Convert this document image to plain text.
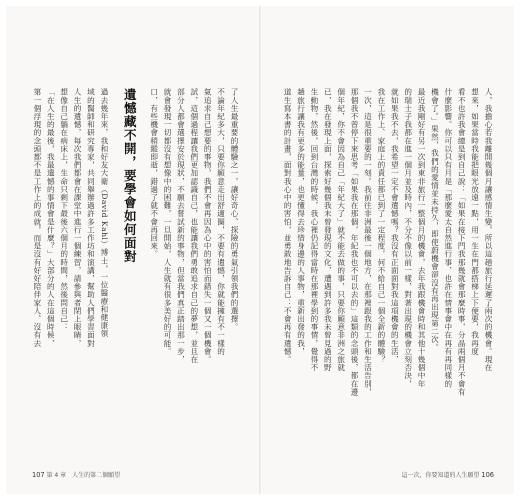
了人生最重要的體驗之一，讓好奇心、探險的勇氣引領我們的選擇。
不論年紀多大，只要你願意走出舒適圈，不要有遺憾，你就能擁有不一樣的
氣追求自己想要的事物，我們不會再因為心中的害怕而錯失一個又一個機會。
試，這個過程讓我們更加認識自己，也能讓我們勇敢追求自己的夢想，並且在
部分人都會選擇安於現狀，不願去嘗試新的事物，但當我們真正踏出那一步，
就會發現一切都沒有想像中的困難，一旦開始，人生就有很多美好的可能。
口，有些機會稍縱即逝，錯過了就不會再回來。
遺憾藏不開，要學會如何面對
過去幾年來，我和好友大衛（David Kahl）博士，一位醫療和健康領
域的醫師和研究專家，共同舉辦過許多工作坊和演講，幫助人們學習面對
人生的遺憾，每次我們都會在課堂中進行一個練習，請參與者閉上眼睛，
想像自己躺在病床上，生命只剩下最後六個月的時間，然後問自己：
「在人生的最後，我最遺憾的事情會是什麼？」大部分的人在這個時候，
第一個浮現的念頭都不是工作上的成就，而是沒有好好陪伴家人、沒有去
107 第 4 章　人生的第二個願望
人，我擔心若我離開幾個月讓感情生變，所以這趟旅行延遲了兩次的機會。現在
想來，如果當時我能把眼光放遠一點，用一生在門都搭梯上下便要，我再度
看不也許我會總是到自己說：「如果在接下門我那幾就會那麼時事，分晶兩個月不會有
什麼影響。你可以只有月是「那麼愛太自然進行事，也許在情事會中在再有再同樣的
機會了。」果然，我們的愛情並未持久，即使蔚機會卻沒有再出現第二次。
最近我剛好有另一次到東非旅行一整個月的機會，去年我跟機會時和其他十幾個中年
的瑞士子我都在進一個月並及時內，不分不像以前一樣，對著出現的機會立刻否決，
就如果我不去，我希望一定不會遺憾嗎？我沒有正面面對我這項機會的生活，
我在工作上、家庭上的責任都已到了一定程度，何不給自己一個全新的體驗？
一次，這是很重要的一刻。我前往非洲最後一個地方，在那裡跟我的工作和生活告別，
那個我不曾停下來思考「如果我在那個，年紀我也不可以去的」這類的念頭後，都在邊
個年紀，你不會因為自己「年紀大了」就不能去做的事，只要你願意非洲之旅就
已，我在發現上面，探索好幾個我未曾發現的文化，遭遇到許多我未曾見過的野
生動物，然後，回到台灣的時候，我心裡仍記得當時在那裡學到的事情，覺得不
趟旅行讓我有更多的能量，也更懂得去珍惜身邊的人事物，重新出發的我，
道生寫本書的計畫，面對我心中的害怕，並勇敢地告訴自己：不會再有遺憾。
這一次，你要知道的人生願望 106
